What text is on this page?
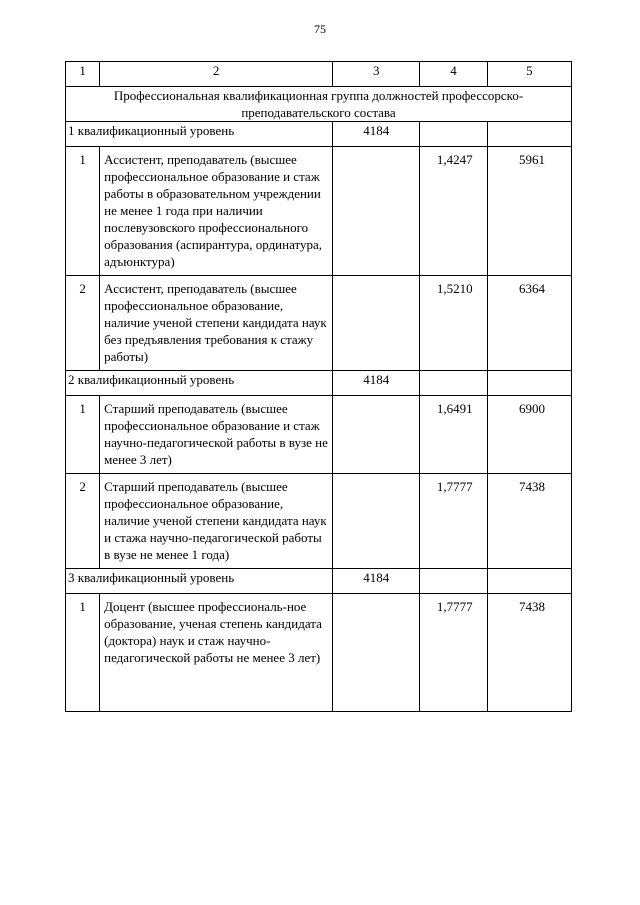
75
1	2	3	4	5
Профессиональная квалификационная группа должностей профессорско-преподавательского состава				
1 квалификационный уровень		4184		
1	Ассистент, преподаватель (высшее профессиональное образование и стаж работы в образовательном учреждении не менее 1 года при наличии послевузовского профессионального образования (аспирантура, ординатура, адъюнктура)		1,4247	5961
2	Ассистент, преподаватель (высшее профессиональное образование, наличие ученой степени кандидата наук без предъявления требования к стажу работы)		1,5210	6364
2 квалификационный уровень		4184		
1	Старший преподаватель (высшее профессиональное образование и стаж научно-педагогической работы в вузе не менее 3 лет)		1,6491	6900
2	Старший преподаватель (высшее профессиональное образование, наличие ученой степени кандидата наук и стажа научно-педагогической работы в вузе не менее 1 года)		1,7777	7438
3 квалификационный уровень		4184		
1	Доцент (высшее профессиональ-ное образование, ученая степень кандидата (доктора) наук и стаж научно-педагогической работы не менее 3 лет)		1,7777	7438
